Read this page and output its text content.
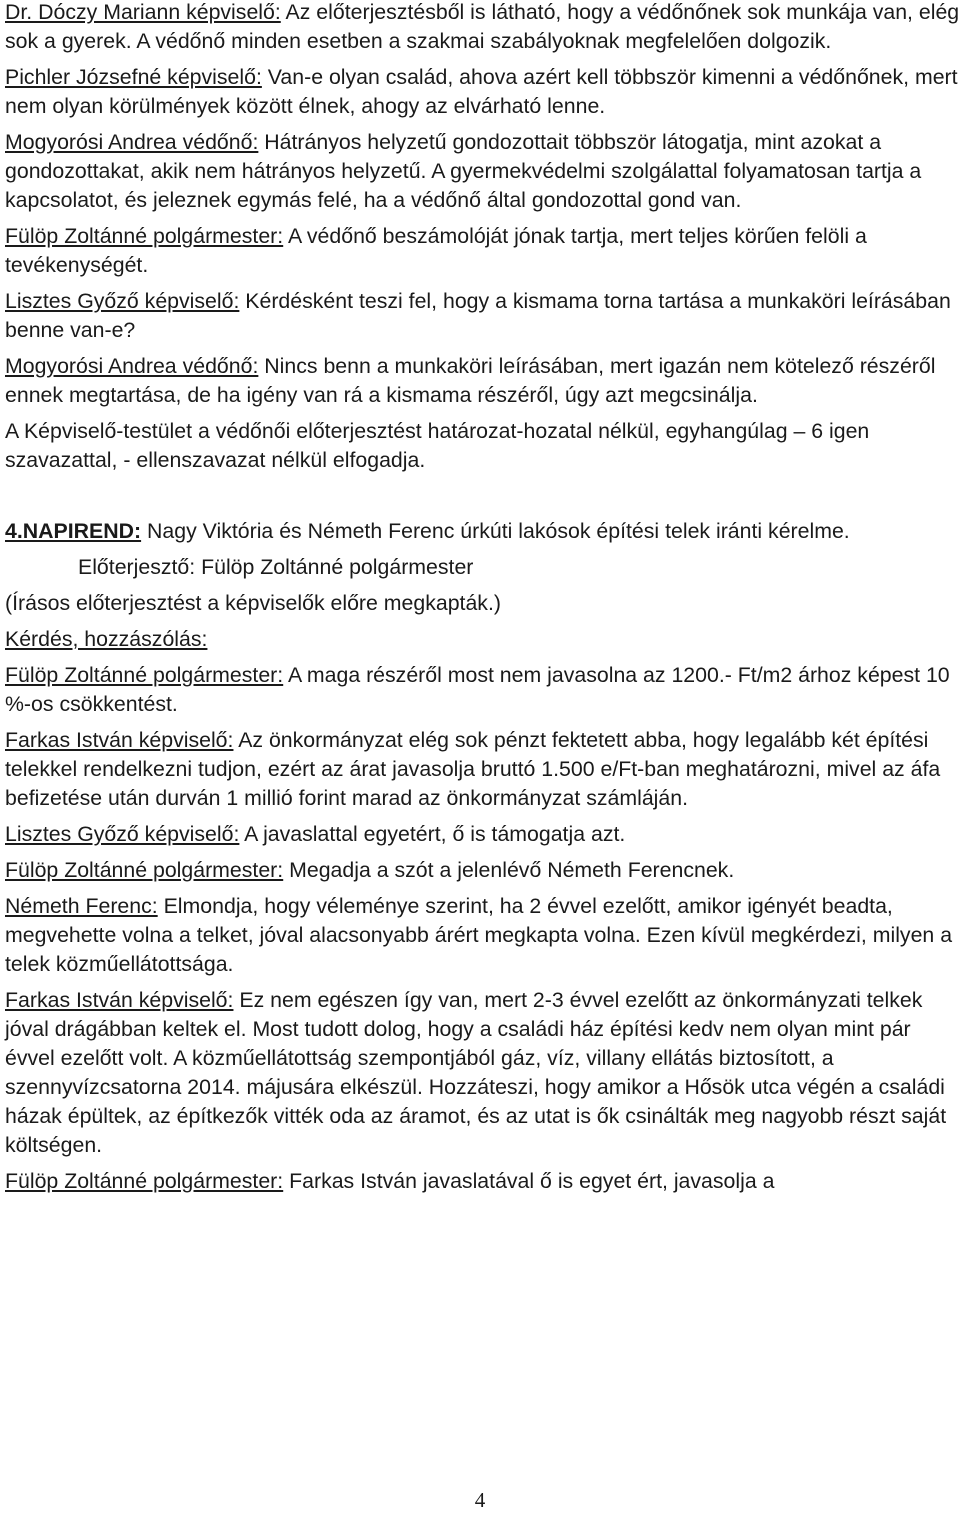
Dr. Dóczy Mariann képviselő: Az előterjesztésből is látható, hogy a védőnőnek sok munkája van, elég sok a gyerek. A védőnő minden esetben a szakmai szabályoknak megfelelően dolgozik.

Pichler Józsefné képviselő: Van-e olyan család, ahova azért kell többször kimenni a védőnőnek, mert nem olyan körülmények között élnek, ahogy az elvárható lenne.

Mogyorósi Andrea védőnő: Hátrányos helyzetű gondozottait többször látogatja, mint azokat a gondozottakat, akik nem hátrányos helyzetű. A gyermekvédelmi szolgálattal folyamatosan tartja a kapcsolatot, és jeleznek egymás felé, ha a védőnő által gondozottal gond van.

Fülöp Zoltánné polgármester: A védőnő beszámolóját jónak tartja, mert teljes körűen felöli a tevékenységét.

Lisztes Győző képviselő: Kérdésként teszi fel, hogy a kismama torna tartása a munkaköri leírásában benne van-e?

Mogyorósi Andrea védőnő: Nincs benn a munkaköri leírásában, mert igazán nem kötelező részéről ennek megtartása, de ha igény van rá a kismama részéről, úgy azt megcsinálja.

A Képviselő-testület a védőnői előterjesztést határozat-hozatal nélkül, egyhangúlag – 6 igen szavazattal, - ellenszavazat nélkül elfogadja.

4.NAPIREND: Nagy Viktória és Németh Ferenc úrkúti lakósok építési telek iránti kérelme.

Előterjesztő: Fülöp Zoltánné polgármester

(Írásos előterjesztést a képviselők előre megkapták.)

Kérdés, hozzászólás:

Fülöp Zoltánné polgármester: A maga részéről most nem javasolna az 1200.- Ft/m2 árhoz képest 10 %-os csökkentést.

Farkas István képviselő: Az önkormányzat elég sok pénzt fektetett abba, hogy legalább két építési telekkel rendelkezni tudjon, ezért az árat javasolja bruttó 1.500 e/Ft-ban meghatározni, mivel az áfa befizetése után durván 1 millió forint marad az önkormányzat számláján.

Lisztes Győző képviselő: A javaslattal egyetért, ő is támogatja azt.

Fülöp Zoltánné polgármester: Megadja a szót a jelenlévő Németh Ferencnek.

Németh Ferenc: Elmondja, hogy véleménye szerint, ha 2 évvel ezelőtt, amikor igényét beadta, megvehette volna a telket, jóval alacsonyabb árért megkapta volna. Ezen kívül megkérdezi, milyen a telek közműellátottsága.

Farkas István képviselő: Ez nem egészen így van, mert 2-3 évvel ezelőtt az önkormányzati telkek jóval drágábban keltek el. Most tudott dolog, hogy a családi ház építési kedv nem olyan mint pár évvel ezelőtt volt. A közműellátottság szempontjából gáz, víz, villany ellátás biztosított, a szennyvízcsatorna 2014. májusára elkészül. Hozzáteszi, hogy amikor a Hősök utca végén a családi házak épültek, az építkezők vitték oda az áramot, és az utat is ők csinálták meg nagyobb részt saját költségen.

Fülöp Zoltánné polgármester: Farkas István javaslatával ő is egyet ért, javasolja a

4
